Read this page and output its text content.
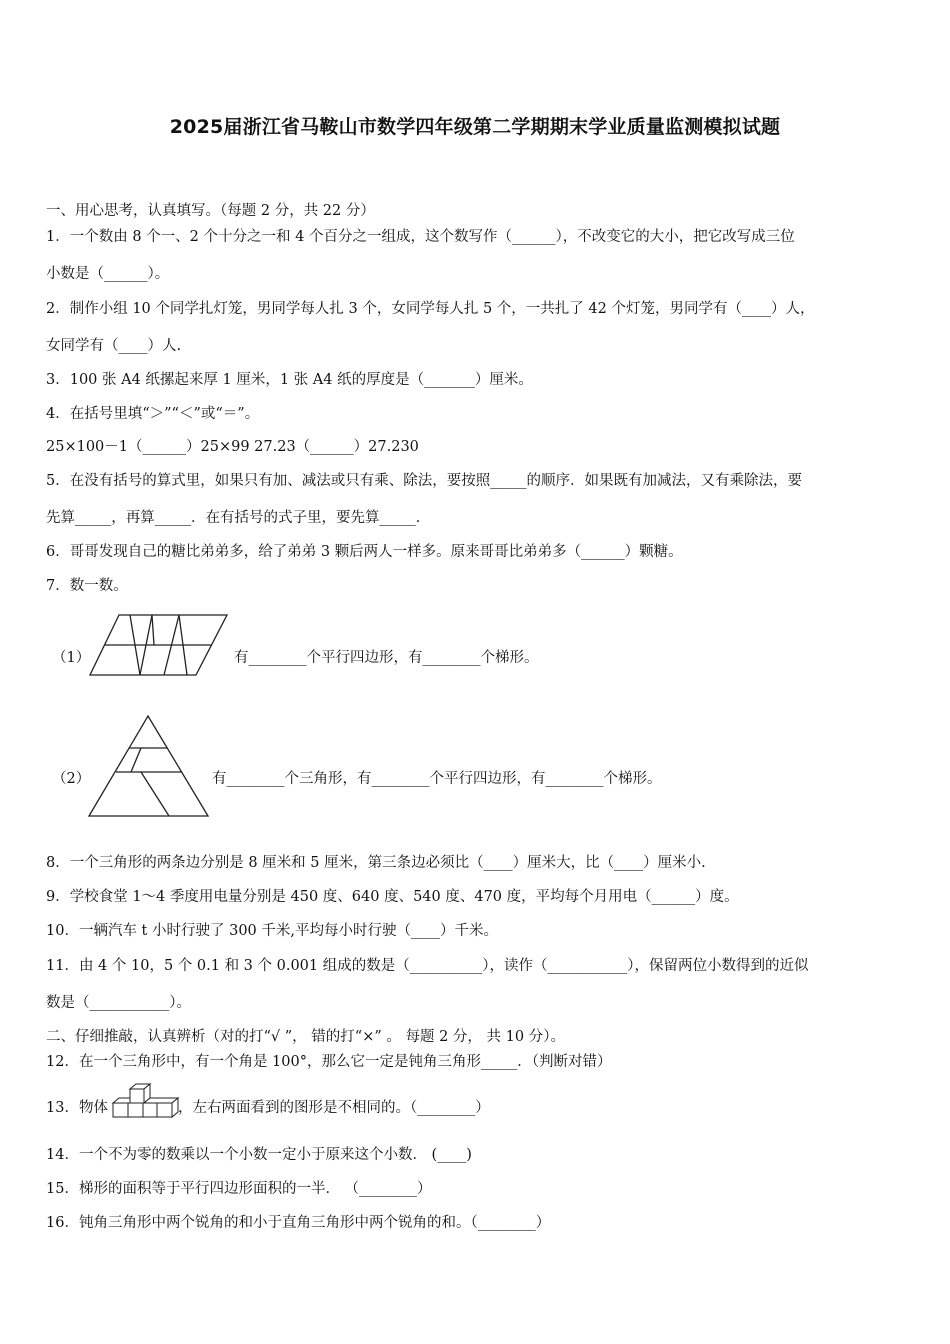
2025届浙江省马鞍山市数学四年级第二学期期末学业质量监测模拟试题
一、用心思考，认真填写。（每题 2 分，共 22 分）
1．一个数由 8 个一、2 个十分之一和 4 个百分之一组成，这个数写作（______），不改变它的大小，把它改写成三位
小数是（______）。
2．制作小组 10 个同学扎灯笼，男同学每人扎 3 个，女同学每人扎 5 个，一共扎了 42 个灯笼，男同学有（____）人，
女同学有（____）人.
3．100 张 A4 纸摞起来厚 1 厘米，1 张 A4 纸的厚度是（_______）厘米。
4．在括号里填“＞”“＜”或“＝”。
25×100－1（______）25×99 27.23（______）27.230
5．在没有括号的算式里，如果只有加、减法或只有乘、除法，要按照_____的顺序．如果既有加减法，又有乘除法，要
先算_____，再算_____．在有括号的式子里，要先算_____．
6．哥哥发现自己的糖比弟弟多，给了弟弟 3 颗后两人一样多。原来哥哥比弟弟多（______）颗糖。
7．数一数。
（1）	有________个平行四边形，有________个梯形。
（2）	有________个三角形，有________个平行四边形，有________个梯形。
8．一个三角形的两条边分别是 8 厘米和 5 厘米，第三条边必须比（____）厘米大，比（____）厘米小.
9．学校食堂 1～4 季度用电量分别是 450 度、640 度、540 度、470 度，平均每个月用电（______）度。
10．一辆汽车 t 小时行驶了 300 千米,平均每小时行驶（____）千米。
11．由 4 个 10，5 个 0.1 和 3 个 0.001 组成的数是（__________），读作（___________），保留两位小数得到的近似
数是（___________）。
二、仔细推敲，认真辨析（对的打“√ ”， 错的打“×” 。 每题 2 分， 共 10 分）。
12．在一个三角形中，有一个角是 100°，那么它一定是钝角三角形_____．（判断对错）
13．物体	，左右两面看到的图形是不相同的。（________）
14．一个不为零的数乘以一个小数一定小于原来这个小数． (____)
15．梯形的面积等于平行四边形面积的一半． （________）
16．钝角三角形中两个锐角的和小于直角三角形中两个锐角的和。（________）
